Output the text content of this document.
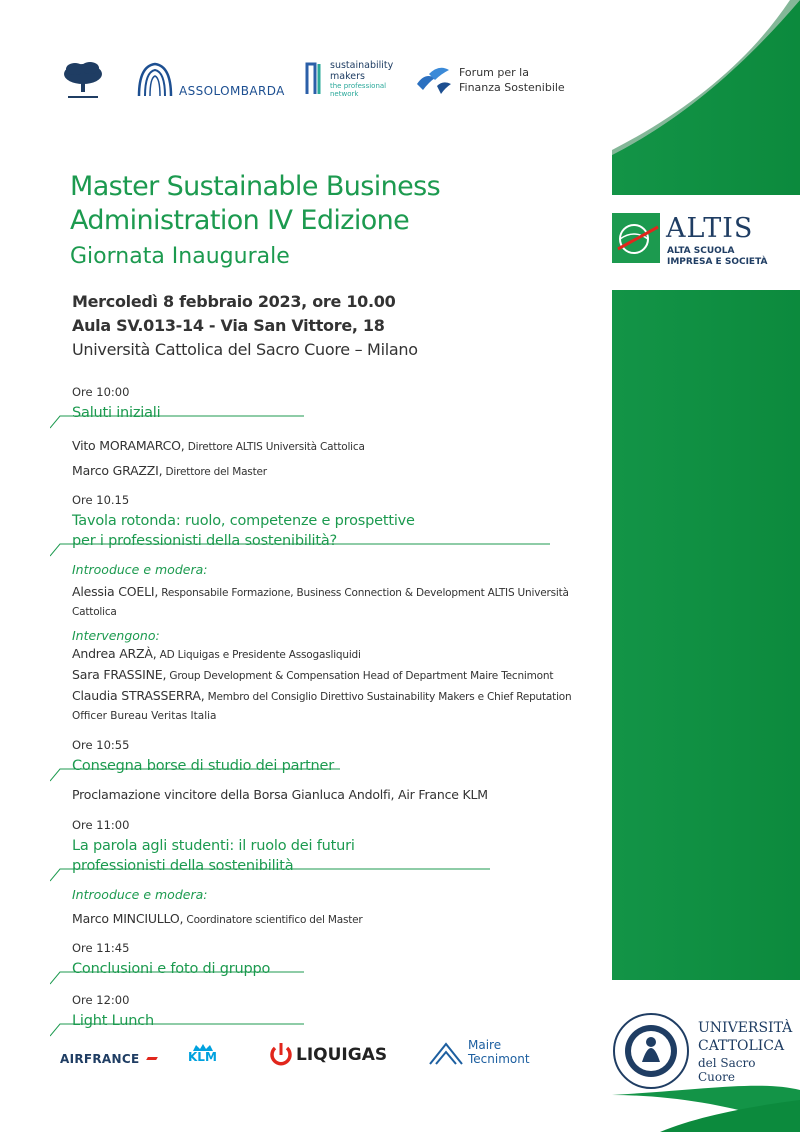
ASSOLOMBARDA
sustainability
makers
the professional
network
Forum per la
Finanza Sostenibile
ALTIS
ALTA SCUOLA
IMPRESA E SOCIETÀ
Master Sustainable Business
Administration IV Edizione
Giornata Inaugurale
Mercoledì 8 febbraio 2023, ore 10.00
Aula SV.013-14 - Via San Vittore, 18
Università Cattolica del Sacro Cuore – Milano
Ore 10:00
Saluti iniziali
Vito MORAMARCO, Direttore ALTIS Università Cattolica
Marco GRAZZI, Direttore del Master
Ore 10.15
Tavola rotonda: ruolo, competenze e prospettive
per i professionisti della sostenibilità?
Introoduce e modera:
Alessia COELI, Responsabile Formazione, Business Connection & Development ALTIS Università Cattolica
Intervengono:
Andrea ARZÀ, AD Liquigas e Presidente Assogasliquidi
Sara FRASSINE, Group Development & Compensation Head of Department Maire Tecnimont
Claudia STRASSERRA, Membro del Consiglio Direttivo Sustainability Makers e Chief Reputation
Officer Bureau Veritas Italia
Ore 10:55
Consegna borse di studio dei partner
Proclamazione vincitore della Borsa Gianluca Andolfi, Air France KLM
Ore 11:00
La parola agli studenti: il ruolo dei futuri
professionisti della sostenibilità
Introoduce e modera:
Marco MINCIULLO, Coordinatore scientifico del Master
Ore 11:45
Conclusioni e foto di gruppo
Ore 12:00
Light Lunch
AIRFRANCE	KLM	LIQUIGAS	Maire
Tecnimont
UNIVERSITÀ
CATTOLICA
del Sacro Cuore
